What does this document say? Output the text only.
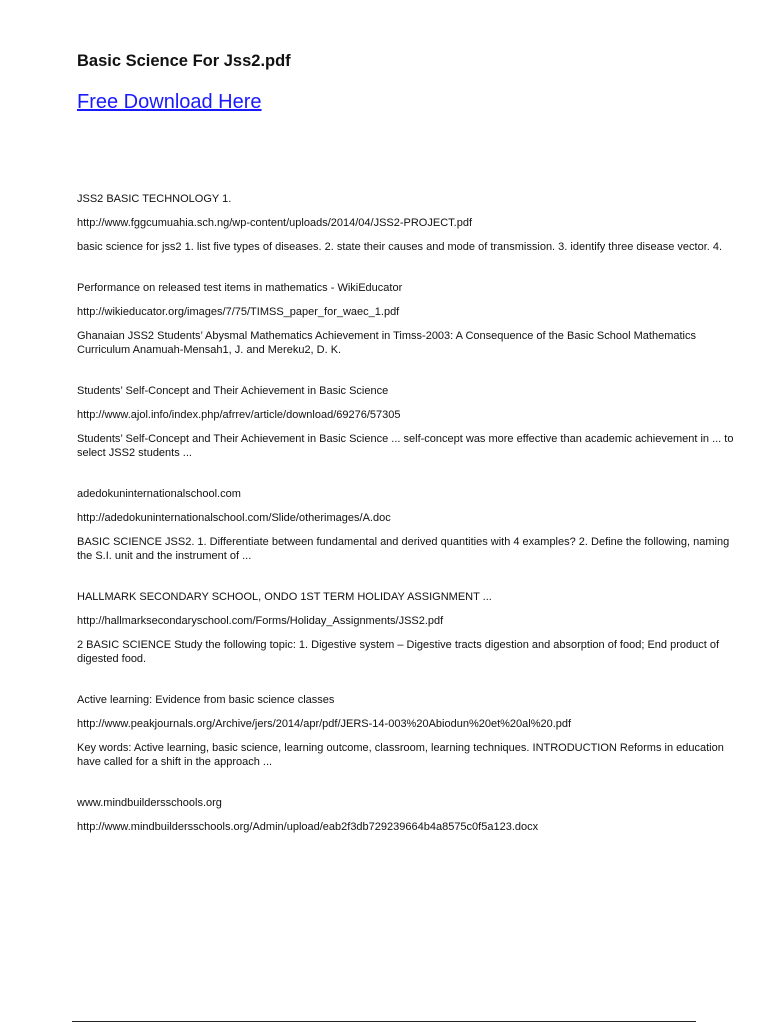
Basic Science For Jss2.pdf
Free Download Here
JSS2 BASIC TECHNOLOGY 1.
http://www.fggcumuahia.sch.ng/wp-content/uploads/2014/04/JSS2-PROJECT.pdf
basic science for jss2 1. list five types of diseases. 2. state their causes and mode of transmission. 3. identify three disease vector. 4.
Performance on released test items in mathematics - WikiEducator
http://wikieducator.org/images/7/75/TIMSS_paper_for_waec_1.pdf
Ghanaian JSS2 Students’ Abysmal Mathematics Achievement in Timss-2003: A Consequence of the Basic School Mathematics Curriculum Anamuah-Mensah1, J. and Mereku2, D. K.
Students’ Self-Concept and Their Achievement in Basic Science
http://www.ajol.info/index.php/afrrev/article/download/69276/57305
Students’ Self-Concept and Their Achievement in Basic Science ... self-concept was more effective than academic achievement in ... to select JSS2 students ...
adedokuninternationalschool.com
http://adedokuninternationalschool.com/Slide/otherimages/A.doc
BASIC SCIENCE JSS2. 1. Differentiate between fundamental and derived quantities with 4 examples? 2. Define the following, naming the S.I. unit and the instrument of ...
HALLMARK SECONDARY SCHOOL, ONDO 1ST TERM HOLIDAY ASSIGNMENT ...
http://hallmarksecondaryschool.com/Forms/Holiday_Assignments/JSS2.pdf
2 BASIC SCIENCE Study the following topic: 1. Digestive system – Digestive tracts digestion and absorption of food; End product of digested food.
Active learning: Evidence from basic science classes
http://www.peakjournals.org/Archive/jers/2014/apr/pdf/JERS-14-003%20Abiodun%20et%20al%20.pdf
Key words: Active learning, basic science, learning outcome, classroom, learning techniques. INTRODUCTION Reforms in education have called for a shift in the approach ...
www.mindbuildersschools.org
http://www.mindbuildersschools.org/Admin/upload/eab2f3db729239664b4a8575c0f5a123.docx
